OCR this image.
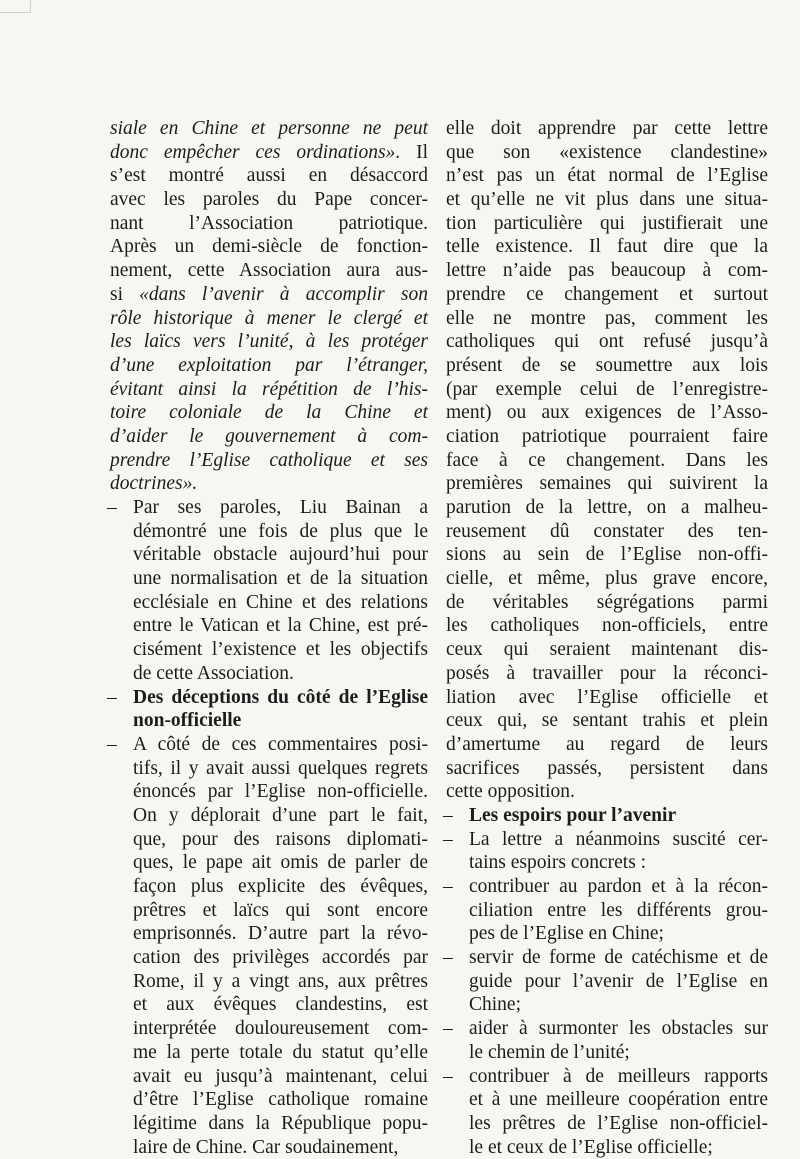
siale en Chine et personne ne peut
donc empêcher ces ordinations». Il
s’est montré aussi en désaccord
avec les paroles du Pape concer-
nant l’Association patriotique.
Après un demi-siècle de fonction-
nement, cette Association aura aus-
si «dans l’avenir à accomplir son
rôle historique à mener le clergé et
les laïcs vers l’unité, à les protéger
d’une exploitation par l’étranger,
évitant ainsi la répétition de l’his-
toire coloniale de la Chine et
d’aider le gouvernement à com-
prendre l’Eglise catholique et ses
doctrines».
– Par ses paroles, Liu Bainan a
démontré une fois de plus que le
véritable obstacle aujourd’hui pour
une normalisation et de la situation
ecclésiale en Chine et des relations
entre le Vatican et la Chine, est pré-
cisément l’existence et les objectifs
de cette Association.
– Des déceptions du côté de l’Eglise
non-officielle
– A côté de ces commentaires posi-
tifs, il y avait aussi quelques regrets
énoncés par l’Eglise non-officielle.
On y déplorait d’une part le fait,
que, pour des raisons diplomati-
ques, le pape ait omis de parler de
façon plus explicite des évêques,
prêtres et laïcs qui sont encore
emprisonnés. D’autre part la révo-
cation des privilèges accordés par
Rome, il y a vingt ans, aux prêtres
et aux évêques clandestins, est
interprétée douloureusement com-
me la perte totale du statut qu’elle
avait eu jusqu’à maintenant, celui
d’être l’Eglise catholique romaine
légitime dans la République popu-
laire de Chine. Car soudainement,
elle doit apprendre par cette lettre
que son «existence clandestine»
n’est pas un état normal de l’Eglise
et qu’elle ne vit plus dans une situa-
tion particulière qui justifierait une
telle existence. Il faut dire que la
lettre n’aide pas beaucoup à com-
prendre ce changement et surtout
elle ne montre pas, comment les
catholiques qui ont refusé jusqu’à
présent de se soumettre aux lois
(par exemple celui de l’enregistre-
ment) ou aux exigences de l’Asso-
ciation patriotique pourraient faire
face à ce changement. Dans les
premières semaines qui suivirent la
parution de la lettre, on a malheu-
reusement dû constater des ten-
sions au sein de l’Eglise non-offi-
cielle, et même, plus grave encore,
de véritables ségrégations parmi
les catholiques non-officiels, entre
ceux qui seraient maintenant dis-
posés à travailler pour la réconci-
liation avec l’Eglise officielle et
ceux qui, se sentant trahis et plein
d’amertume au regard de leurs
sacrifices passés, persistent dans
cette opposition.
– Les espoirs pour l’avenir
– La lettre a néanmoins suscité cer-
tains espoirs concrets :
– contribuer au pardon et à la récon-
ciliation entre les différents grou-
pes de l’Eglise en Chine;
– servir de forme de catéchisme et de
guide pour l’avenir de l’Eglise en
Chine;
– aider à surmonter les obstacles sur
le chemin de l’unité;
– contribuer à de meilleurs rapports
et à une meilleure coopération entre
les prêtres de l’Eglise non-officiel-
le et ceux de l’Eglise officielle;
